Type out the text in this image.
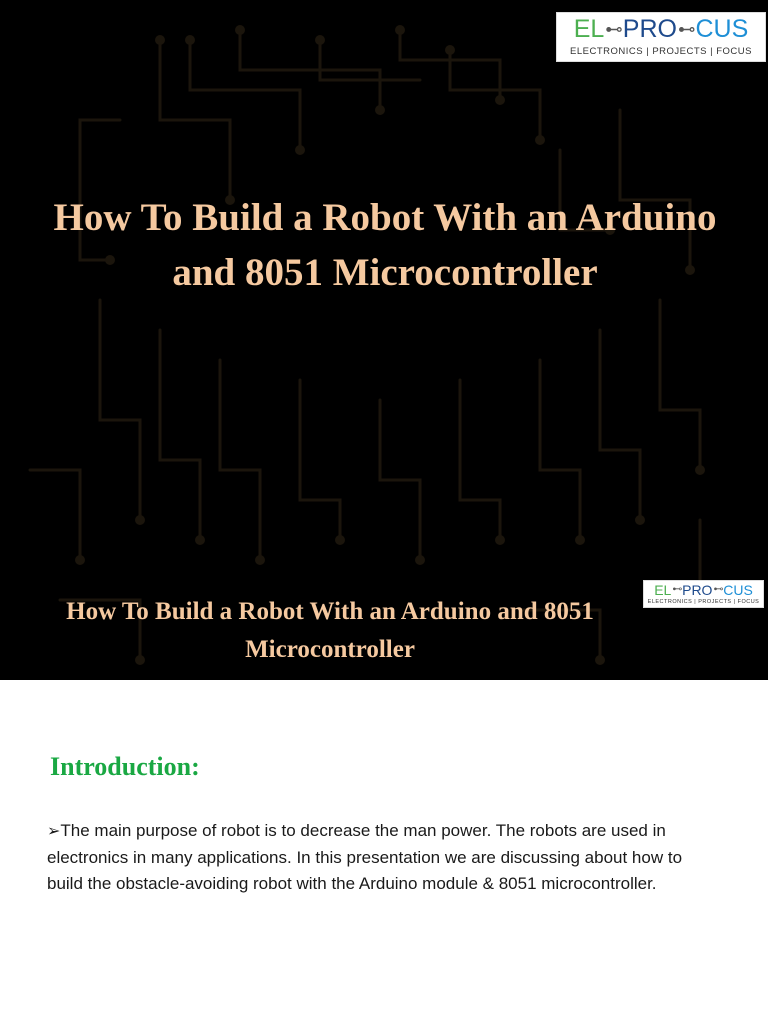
EL ⊷ PRO ⊷ CUS
ELECTRONICS | PROJECTS | FOCUS
How To Build a Robot With an Arduino and 8051 Microcontroller
EL ⊷ PRO ⊷ CUS
ELECTRONICS | PROJECTS | FOCUS
How To Build a Robot With an Arduino and 8051 Microcontroller
Introduction:

➢The main purpose of robot is to decrease the man power. The robots are used in electronics in many applications. In this presentation we are discussing about how to build the obstacle-avoiding robot with the Arduino module & 8051 microcontroller.
